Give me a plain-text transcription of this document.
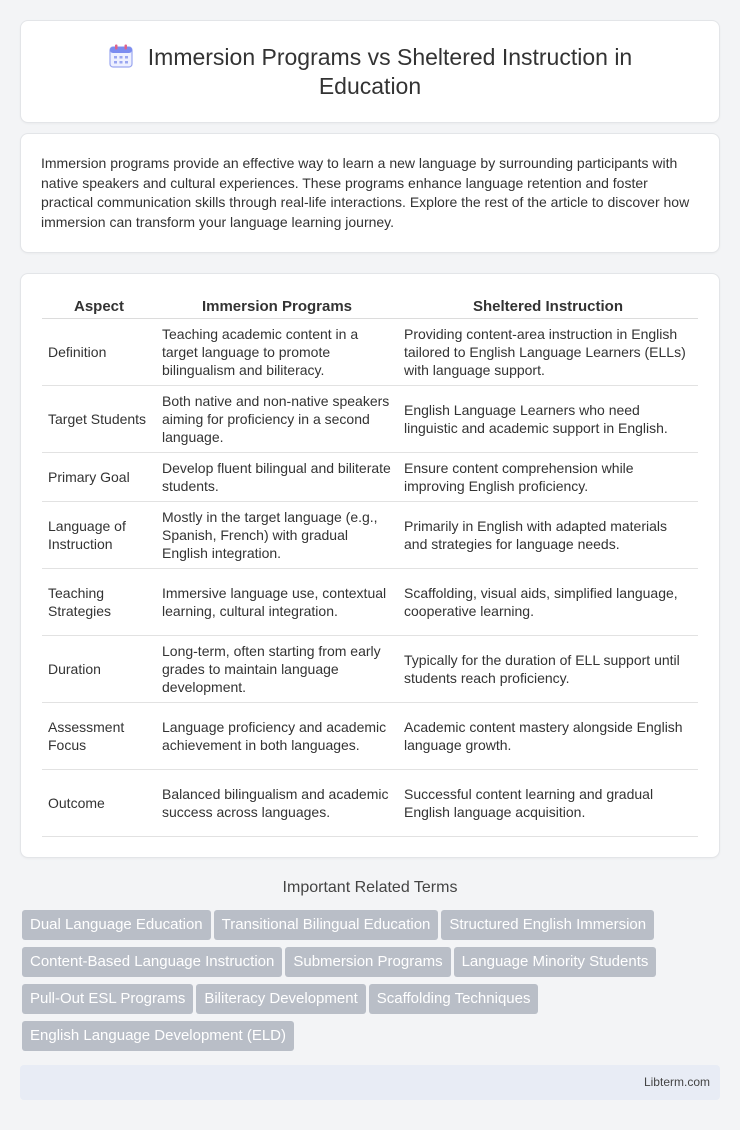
Immersion Programs vs Sheltered Instruction in Education

Immersion programs provide an effective way to learn a new language by surrounding participants with native speakers and cultural experiences. These programs enhance language retention and foster practical communication skills through real-life interactions. Explore the rest of the article to discover how immersion can transform your language learning journey.

Aspect	Immersion Programs	Sheltered Instruction
Definition	Teaching academic content in a target language to promote bilingualism and biliteracy.	Providing content-area instruction in English tailored to English Language Learners (ELLs) with language support.
Target Students	Both native and non-native speakers aiming for proficiency in a second language.	English Language Learners who need linguistic and academic support in English.
Primary Goal	Develop fluent bilingual and biliterate students.	Ensure content comprehension while improving English proficiency.
Language of Instruction	Mostly in the target language (e.g., Spanish, French) with gradual English integration.	Primarily in English with adapted materials and strategies for language needs.
Teaching Strategies	Immersive language use, contextual learning, cultural integration.	Scaffolding, visual aids, simplified language, cooperative learning.
Duration	Long-term, often starting from early grades to maintain language development.	Typically for the duration of ELL support until students reach proficiency.
Assessment Focus	Language proficiency and academic achievement in both languages.	Academic content mastery alongside English language growth.
Outcome	Balanced bilingualism and academic success across languages.	Successful content learning and gradual English language acquisition.
Important Related Terms
Dual Language Education Transitional Bilingual Education Structured English Immersion
Content-Based Language Instruction Submersion Programs Language Minority Students
Pull-Out ESL Programs Biliteracy Development Scaffolding Techniques
English Language Development (ELD)
Libterm.com
